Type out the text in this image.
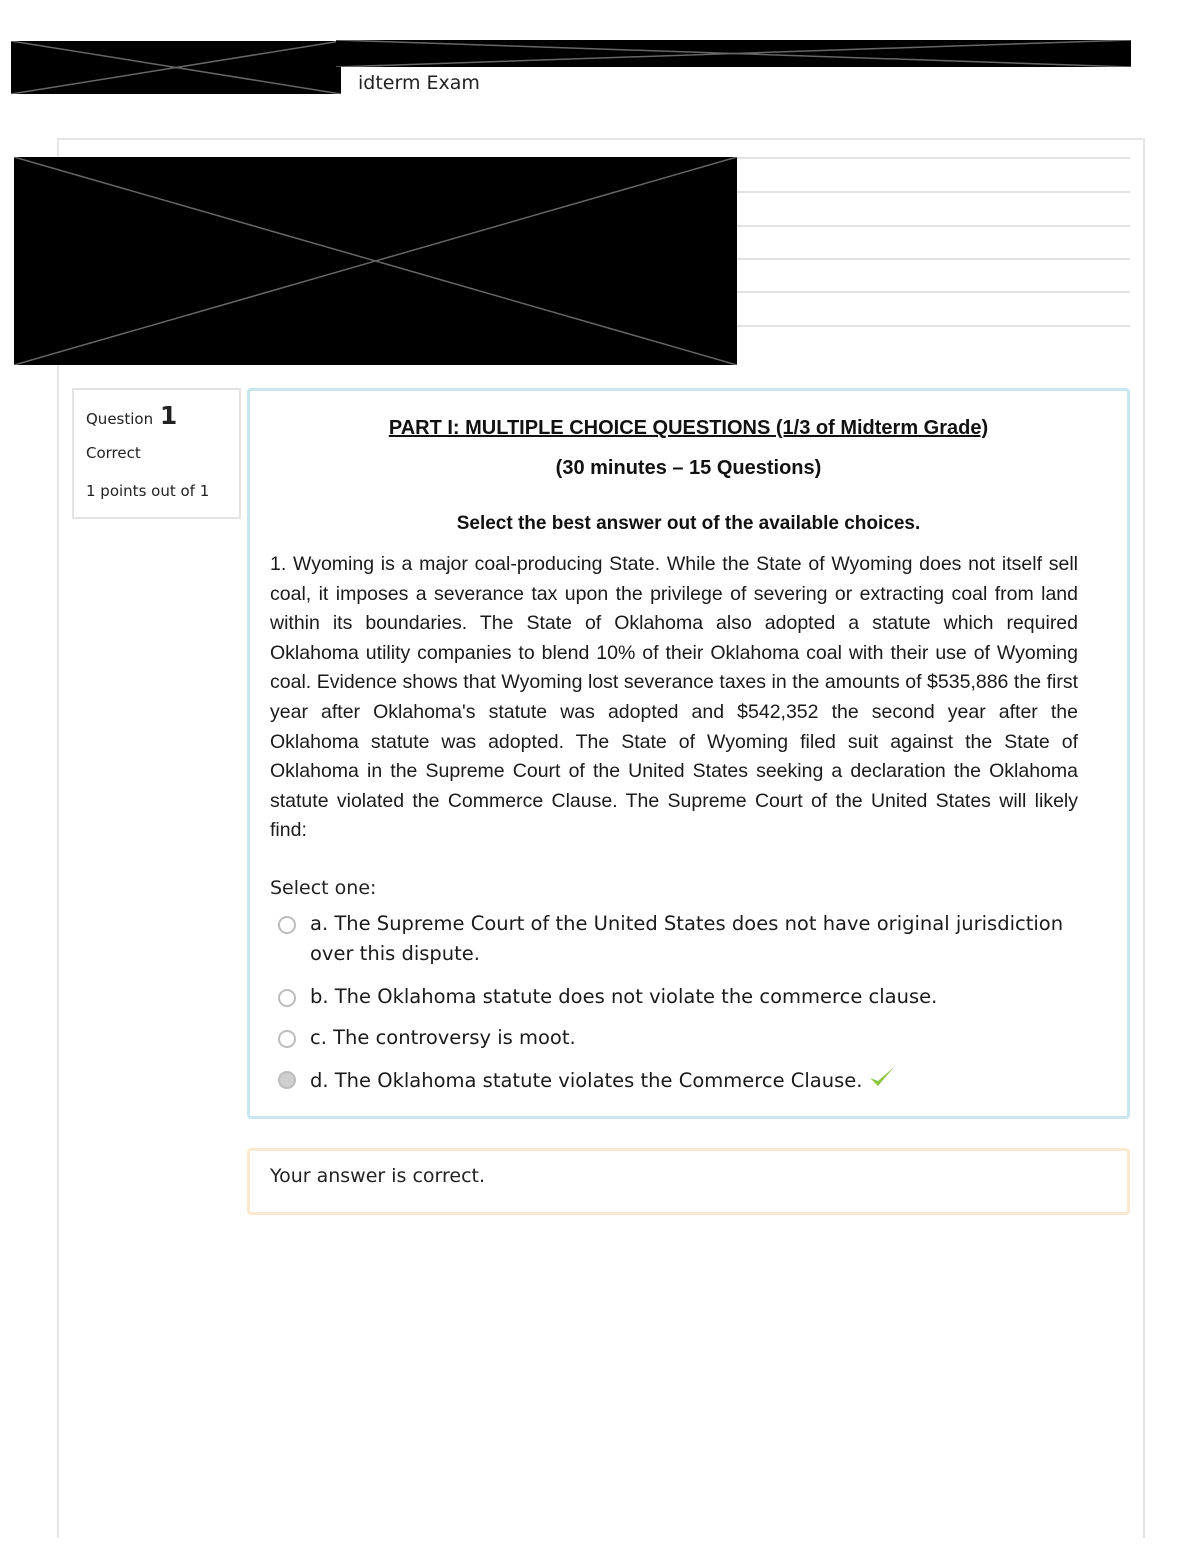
idterm Exam
Question 1
Correct
1 points out of 1
PART I: MULTIPLE CHOICE QUESTIONS (1/3 of Midterm Grade)
(30 minutes – 15 Questions)
Select the best answer out of the available choices.
1. Wyoming is a major coal-producing State. While the State of Wyoming does not itself sell coal, it imposes a severance tax upon the privilege of severing or extracting coal from land within its boundaries. The State of Oklahoma also adopted a statute which required Oklahoma utility companies to blend 10% of their Oklahoma coal with their use of Wyoming coal. Evidence shows that Wyoming lost severance taxes in the amounts of $535,886 the first year after Oklahoma's statute was adopted and $542,352 the second year after the Oklahoma statute was adopted. The State of Wyoming filed suit against the State of Oklahoma in the Supreme Court of the United States seeking a declaration the Oklahoma statute violated the Commerce Clause. The Supreme Court of the United States will likely find:
Select one:
a. The Supreme Court of the United States does not have original jurisdiction over this dispute.
b. The Oklahoma statute does not violate the commerce clause.
c. The controversy is moot.
d. The Oklahoma statute violates the Commerce Clause.
Your answer is correct.
